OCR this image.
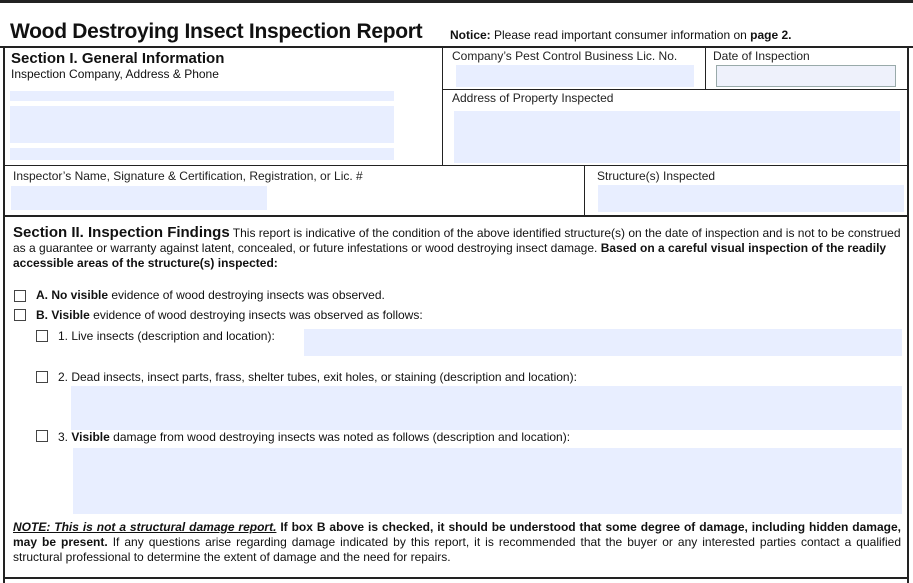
Wood Destroying Insect Inspection Report Notice: Please read important consumer information on page 2.
Section I. General Information
Inspection Company, Address & Phone
Company’s Pest Control Business Lic. No.	Date of Inspection
Address of Property Inspected
Inspector’s Name, Signature & Certification, Registration, or Lic. #	Structure(s) Inspected
Section II. Inspection Findings This report is indicative of the condition of the above identified structure(s) on the date of inspection and is not to be construed as a guarantee or warranty against latent, concealed, or future infestations or wood destroying insect damage. Based on a careful visual inspection of the readily accessible areas of the structure(s) inspected:
A. No visible evidence of wood destroying insects was observed.
B. Visible evidence of wood destroying insects was observed as follows:
1. Live insects (description and location):
2. Dead insects, insect parts, frass, shelter tubes, exit holes, or staining (description and location):
3. Visible damage from wood destroying insects was noted as follows (description and location):
NOTE: This is not a structural damage report. If box B above is checked, it should be understood that some degree of damage, including hidden damage, may be present. If any questions arise regarding damage indicated by this report, it is recommended that the buyer or any interested parties contact a qualified structural professional to determine the extent of damage and the need for repairs.
